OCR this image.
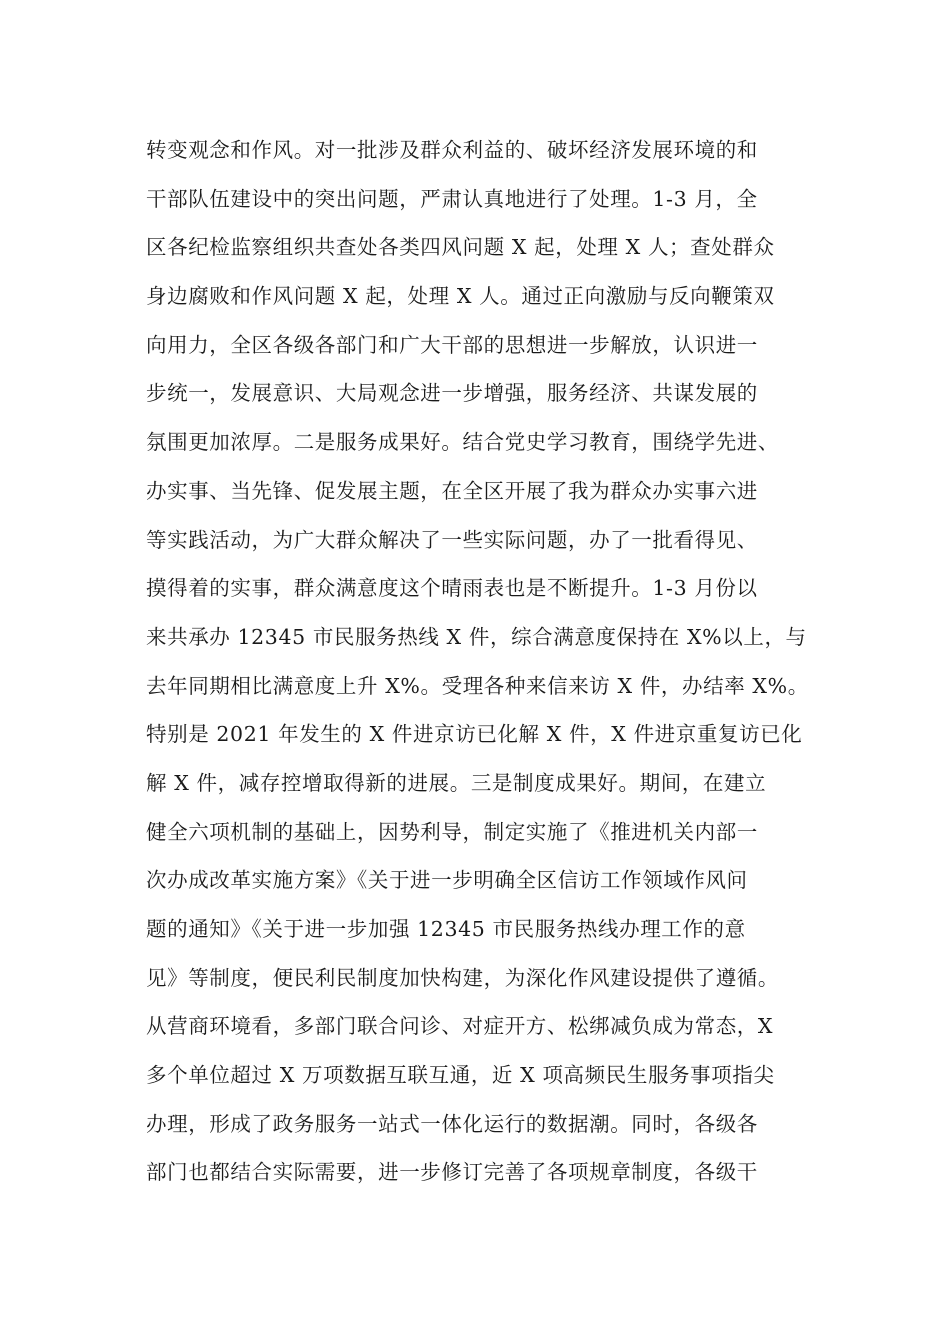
转变观念和作风。对一批涉及群众利益的、破坏经济发展环境的和
干部队伍建设中的突出问题，严肃认真地进行了处理。1-3 月，全
区各纪检监察组织共查处各类四风问题 X 起，处理 X 人；查处群众
身边腐败和作风问题 X 起，处理 X 人。通过正向激励与反向鞭策双
向用力，全区各级各部门和广大干部的思想进一步解放，认识进一
步统一，发展意识、大局观念进一步增强，服务经济、共谋发展的
氛围更加浓厚。二是服务成果好。结合党史学习教育，围绕学先进、
办实事、当先锋、促发展主题，在全区开展了我为群众办实事六进
等实践活动，为广大群众解决了一些实际问题，办了一批看得见、
摸得着的实事，群众满意度这个晴雨表也是不断提升。1-3 月份以
来共承办 12345 市民服务热线 X 件，综合满意度保持在 X%以上，与
去年同期相比满意度上升 X%。受理各种来信来访 X 件，办结率 X%。
特别是 2021 年发生的 X 件进京访已化解 X 件，X 件进京重复访已化
解 X 件，减存控增取得新的进展。三是制度成果好。期间，在建立
健全六项机制的基础上，因势利导，制定实施了《推进机关内部一
次办成改革实施方案》《关于进一步明确全区信访工作领域作风问
题的通知》《关于进一步加强 12345 市民服务热线办理工作的意
见》等制度，便民利民制度加快构建，为深化作风建设提供了遵循。
从营商环境看，多部门联合问诊、对症开方、松绑减负成为常态，X
多个单位超过 X 万项数据互联互通，近 X 项高频民生服务事项指尖
办理，形成了政务服务一站式一体化运行的数据潮。同时，各级各
部门也都结合实际需要，进一步修订完善了各项规章制度，各级干
